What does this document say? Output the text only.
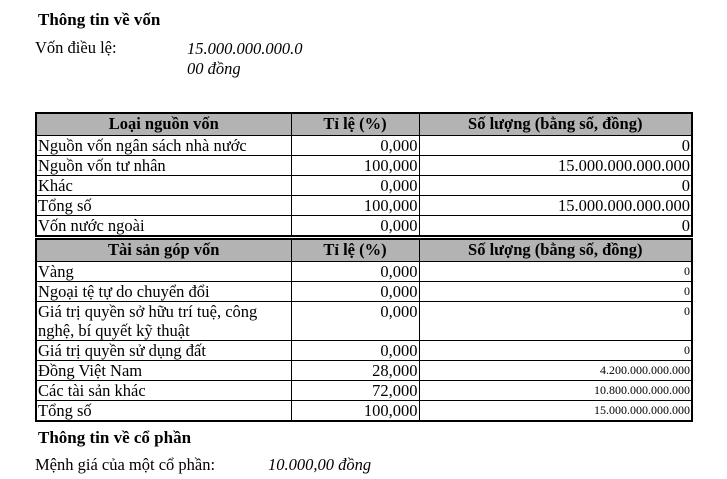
Thông tin về vốn
Vốn điều lệ:	15.000.000.000.0
00 đồng
Loại nguồn vốn	Tỉ lệ (%)	Số lượng (bằng số, đồng)
Nguồn vốn ngân sách nhà nước	0,000	0
Nguồn vốn tư nhân	100,000	15.000.000.000.000
Khác	0,000	0
Tổng số	100,000	15.000.000.000.000
Vốn nước ngoài	0,000	0
Tài sản góp vốn	Tỉ lệ (%)	Số lượng (bằng số, đồng)
Vàng	0,000	0
Ngoại tệ tự do chuyển đổi	0,000	0
Giá trị quyền sở hữu trí tuệ, công nghệ, bí quyết kỹ thuật	0,000	0
Giá trị quyền sử dụng đất	0,000	0
Đồng Việt Nam	28,000	4.200.000.000.000
Các tài sản khác	72,000	10.800.000.000.000
Tổng số	100,000	15.000.000.000.000
Thông tin về cổ phần
Mệnh giá của một cổ phần:	10.000,00 đồng
